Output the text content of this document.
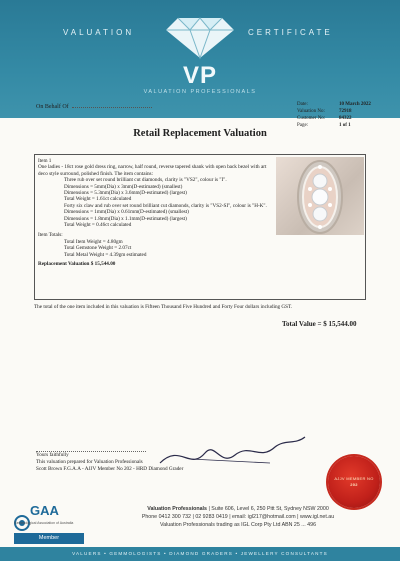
VALUATION	CERTIFICATE
VP
VALUATION PROFESSIONALS
On Behalf Of	Date:	10 March 2022
Valuation No:	72918
Customer No:	84322
Page:	1 of 1
Retail Replacement Valuation
Item 1
One ladies - 18ct rose gold dress ring, narrow, half round, reverse tapered shank with open back bezel with art deco style surround, polished finish. The item contains:
Three rub over set round brilliant cut diamonds, clarity is "VS2", colour is "I".
Dimensions = 5mm(Dia) x 3mm(D-estimated) (smallest)
Dimensions = 5.3mm(Dia) x 3.6mm(D-estimated) (largest)
Total Weight = 1.61ct calculated
Forty six claw and rub over set round brilliant cut diamonds, clarity is "VS2-SI", colour is "H-K".
Dimensions = 1mm(Dia) x 0.61mm(D-estimated) (smallest)
Dimensions = 1.8mm(Dia) x 1.1mm(D-estimated) (largest)
Total Weight = 0.46ct calculated
Item Totals:
Total Item Weight = 4.80gm
Total Gemstone Weight = 2.07ct
Total Metal Weight = 4.39gm estimated
Replacement Valuation $ 15,544.00
The total of the one item included in this valuation is Fifteen Thousand Five Hundred and Forty Four dollars including GST.
Total Value = $ 15,544.00
Yours faithfully
This valuation prepared for Valuation Professionals
Scott Brown F.G.A.A - AJJV Member No 202 - HRD Diamond Grader
AJJV MEMBER NO
202
GAA
Gemmological Association of Australia
Member
Valuation Professionals | Suite 606, Level 6, 250 Pitt St, Sydney NSW 2000
Phone 0412 300 732 | 02 9283 0419 | email: igl217@hotmail.com | www.igl.net.au
Valuation Professionals trading as IGL Corp Pty Ltd ABN 25 ... 496
VALUERS • GEMMOLOGISTS • DIAMOND GRADERS • JEWELLERY CONSULTANTS
